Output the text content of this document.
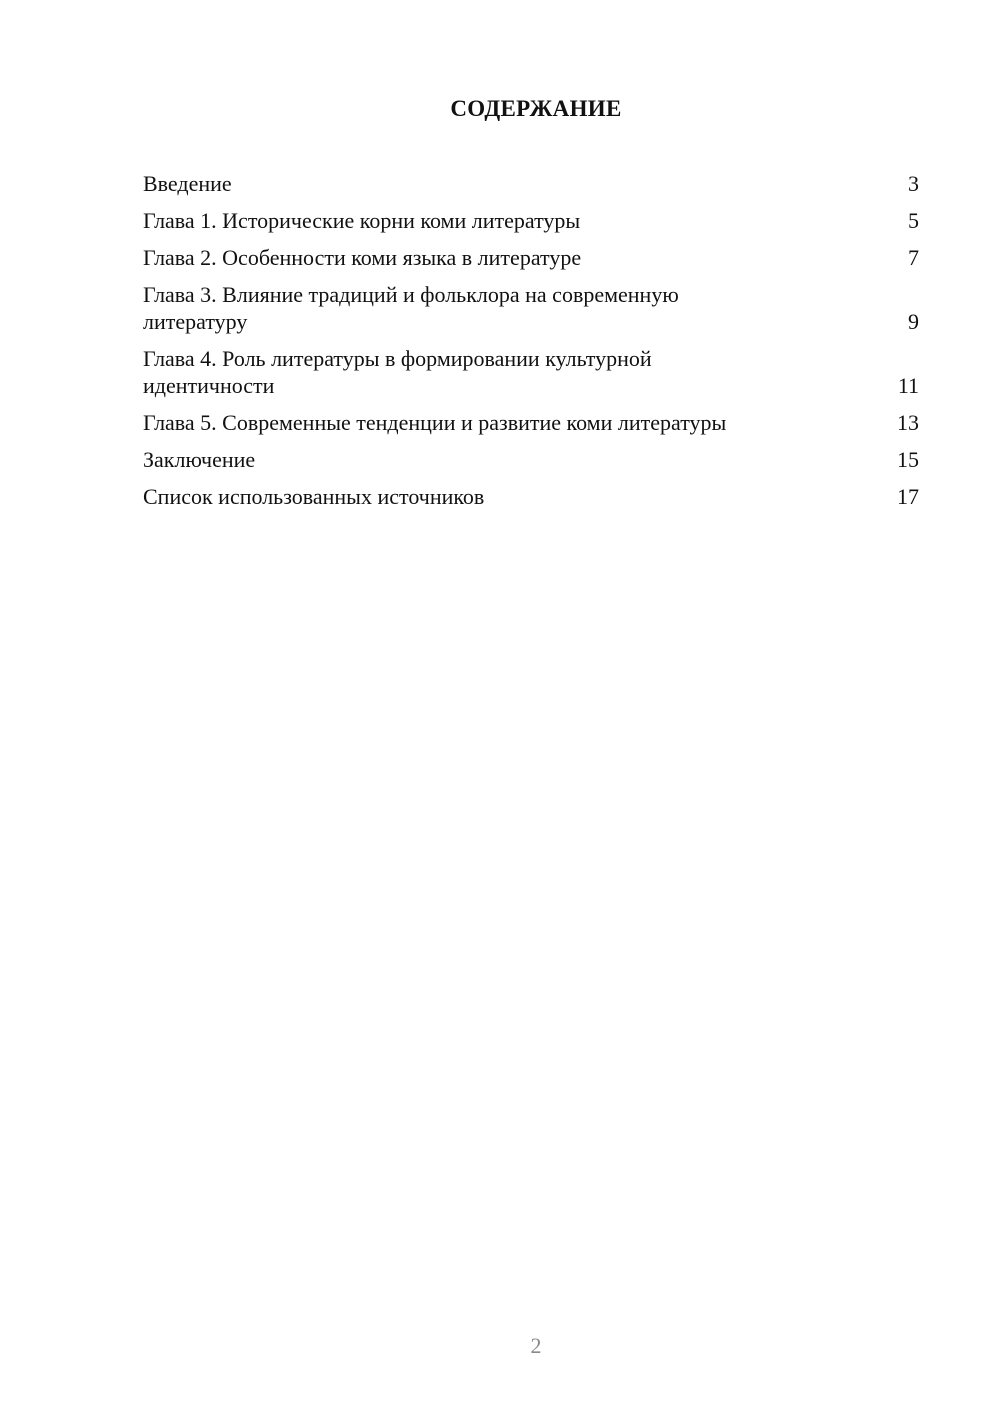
СОДЕРЖАНИЕ
Введение	3
Глава 1. Исторические корни коми литературы	5
Глава 2. Особенности коми языка в литературе	7
Глава 3. Влияние традиций и фольклора на современную литературу	9
Глава 4. Роль литературы в формировании культурной идентичности	11
Глава 5. Современные тенденции и развитие коми литературы	13
Заключение	15
Список использованных источников	17
2
